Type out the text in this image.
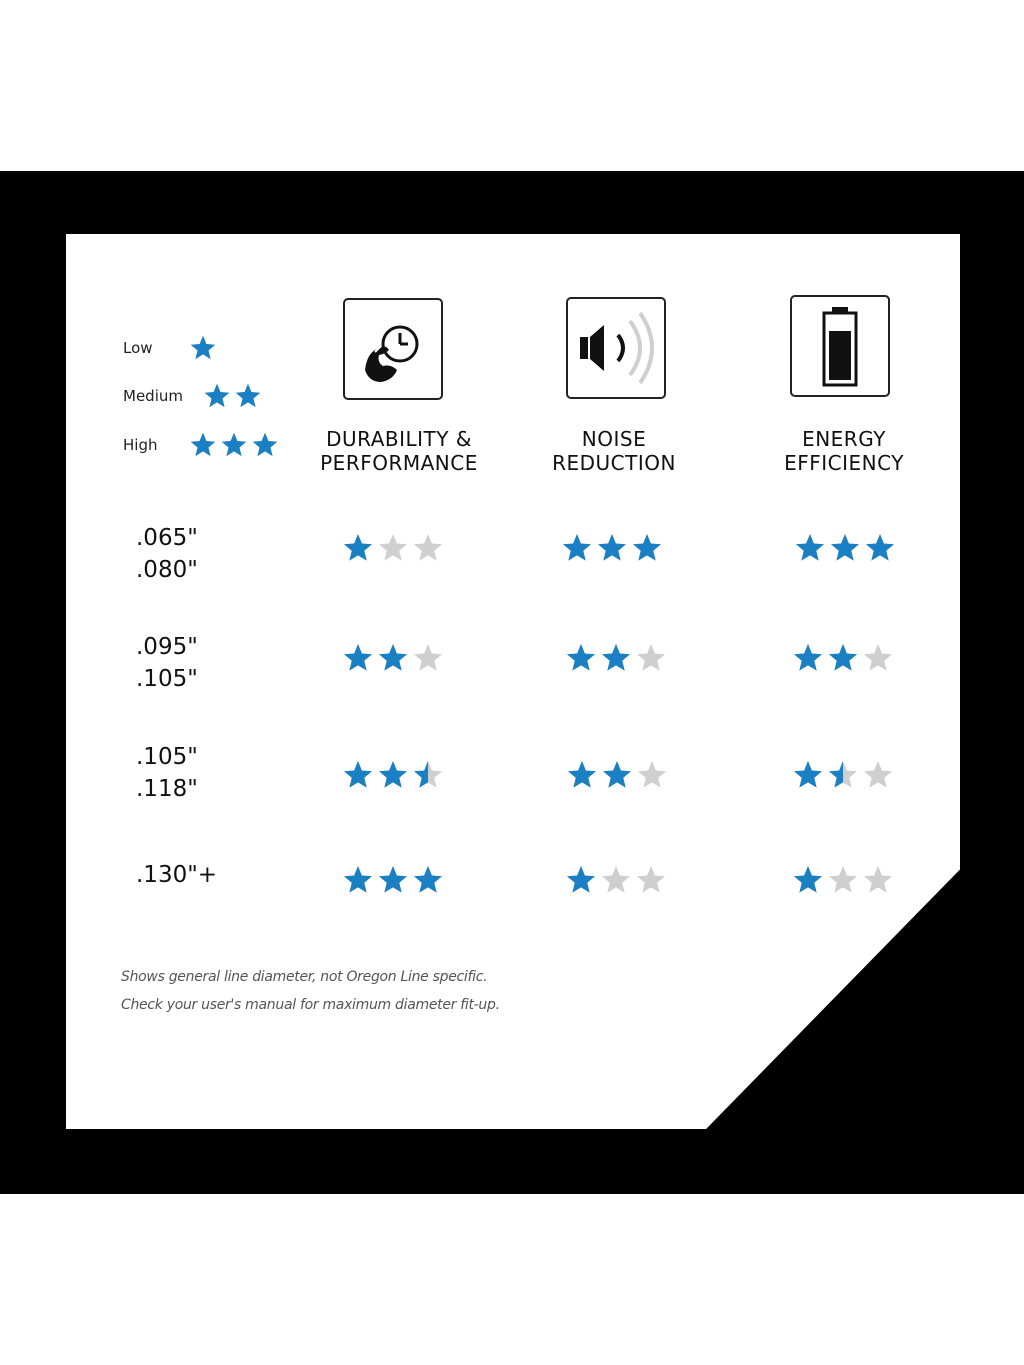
Low
Medium
High	DURABILITY &
PERFORMANCE
NOISE
REDUCTION
ENERGY
EFFICIENCY
.065"
.080"
.095"
.105"
.105"
.118"
.130"+
Shows general line diameter, not Oregon Line specific.
Check your user's manual for maximum diameter fit-up.
